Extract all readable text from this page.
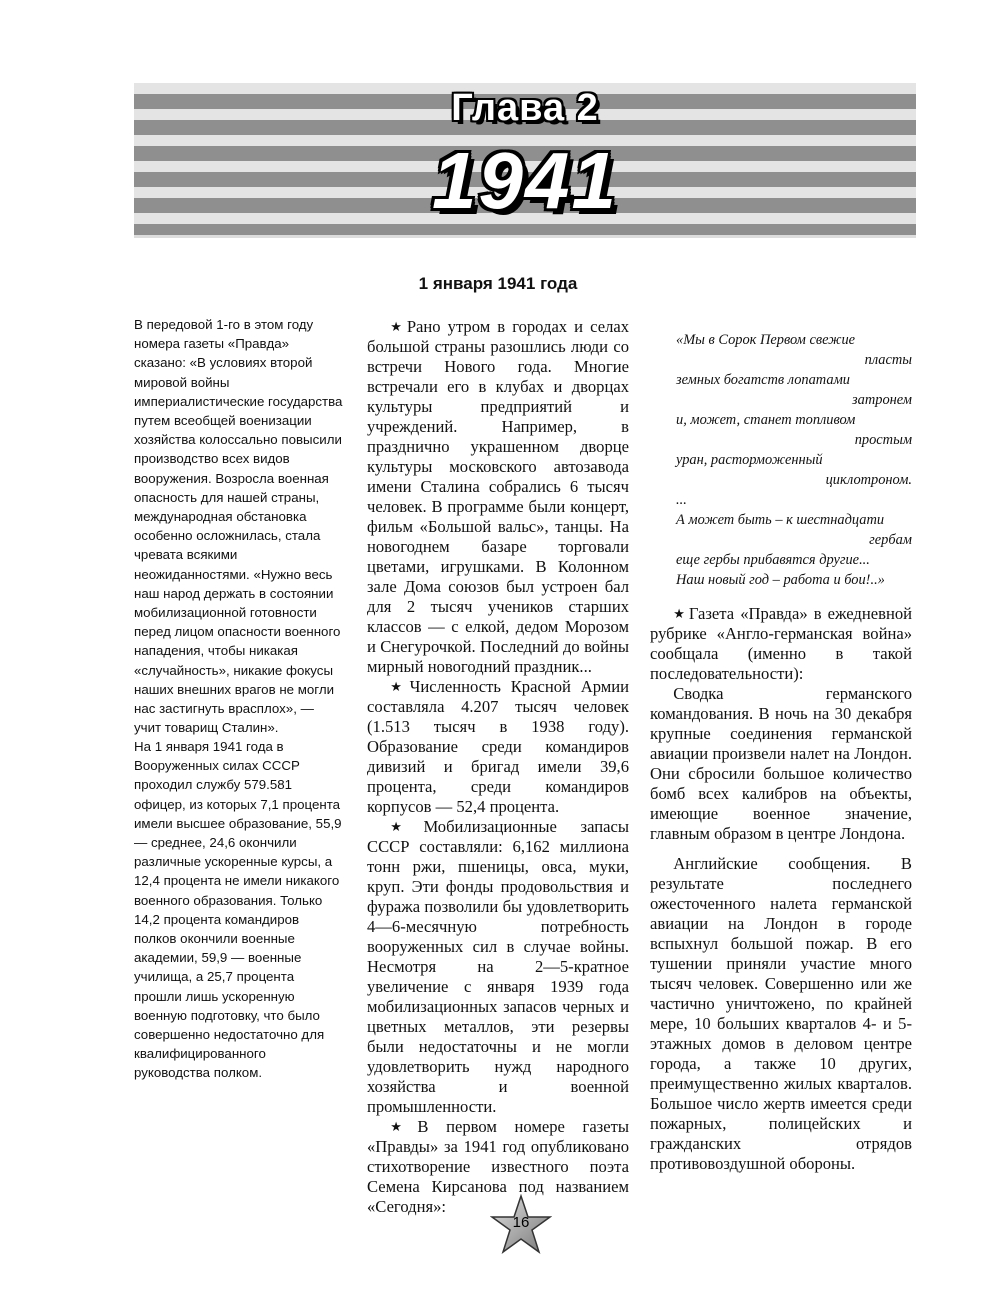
Глава 2
1941

В передовой 1-го в этом году номера газеты «Правда» сказано: «В условиях второй мировой войны империалистические государства путем всеобщей военизации хозяйства колоссально повысили производство всех видов вооружения. Возросла военная опасность для нашей страны, международная обстановка особенно осложнилась, стала чревата всякими неожиданностями. «Нужно весь наш народ держать в состоянии мобилизационной готовности перед лицом опасности военного нападения, чтобы никакая «случайность», никакие фокусы наших внешних врагов не могли нас застигнуть врасплох», — учит товарищ Сталин».

На 1 января 1941 года в Вооруженных силах СССР проходил службу 579.581 офицер, из которых 7,1 процента имели высшее образование, 55,9 — среднее, 24,6 окончили различные ускоренные курсы, а 12,4 процента не имели никакого военного образования. Только 14,2 процента командиров полков окончили военные академии, 59,9 — военные училища, а 25,7 процента прошли лишь ускоренную военную подготовку, что было совершенно недостаточно для квалифицированного руководства полком.

1 января 1941 года

★ Рано утром в городах и селах большой страны разошлись люди со встречи Нового года. Многие встречали его в клубах и дворцах культуры предприятий и учреждений. Например, в празднично украшенном дворце культуры московского автозавода имени Сталина собрались 6 тысяч человек. В программе были концерт, фильм «Большой вальс», танцы. На новогоднем базаре торговали цветами, игрушками. В Колонном зале Дома союзов был устроен бал для 2 тысяч учеников старших классов — с елкой, дедом Морозом и Снегурочкой. Последний до войны мирный новогодний праздник...

★ Численность Красной Армии составляла 4.207 тысяч человек (1.513 тысяч в 1938 году). Образование среди командиров дивизий и бригад имели 39,6 процента, среди командиров корпусов — 52,4 процента.

★ Мобилизационные запасы СССР составляли: 6,162 миллиона тонн ржи, пшеницы, овса, муки, круп. Эти фонды продовольствия и фуража позволили бы удовлетворить 4—6-месячную потребность вооруженных сил в случае войны. Несмотря на 2—5-кратное увеличение с января 1939 года мобилизационных запасов черных и цветных металлов, эти резервы были недостаточны и не могли удовлетворить нужд народного хозяйства и военной промышленности.

★ В первом номере газеты «Правды» за 1941 год опубликовано стихотворение известного поэта Семена Кирсанова под названием «Сегодня»:

«Мы в Сорок Первом свежие
пласты
земных богатств лопатами
затронем
и, может, станет топливом
простым
уран, расторможенный
циклотроном.
...
А может быть – к шестнадцати
гербам
еще гербы прибавятся другие...
Наш новый год – работа и бои!..»

★ Газета «Правда» в ежедневной рубрике «Англо-германская война» сообщала (именно в такой последовательности):

Сводка германского командования. В ночь на 30 декабря крупные соединения германской авиации произвели налет на Лондон. Они сбросили большое количество бомб всех калибров на объекты, имеющие военное значение, главным образом в центре Лондона.

Английские сообщения. В результате последнего ожесточенного налета германской авиации на Лондон в городе вспыхнул большой пожар. В его тушении приняли участие много тысяч человек. Совершенно или же частично уничтожено, по крайней мере, 10 больших кварталов 4- и 5-этажных домов в деловом центре города, а также 10 других, преимущественно жилых кварталов. Большое число жертв имеется среди пожарных, полицейских и гражданских отрядов противовоздушной обороны.

16
